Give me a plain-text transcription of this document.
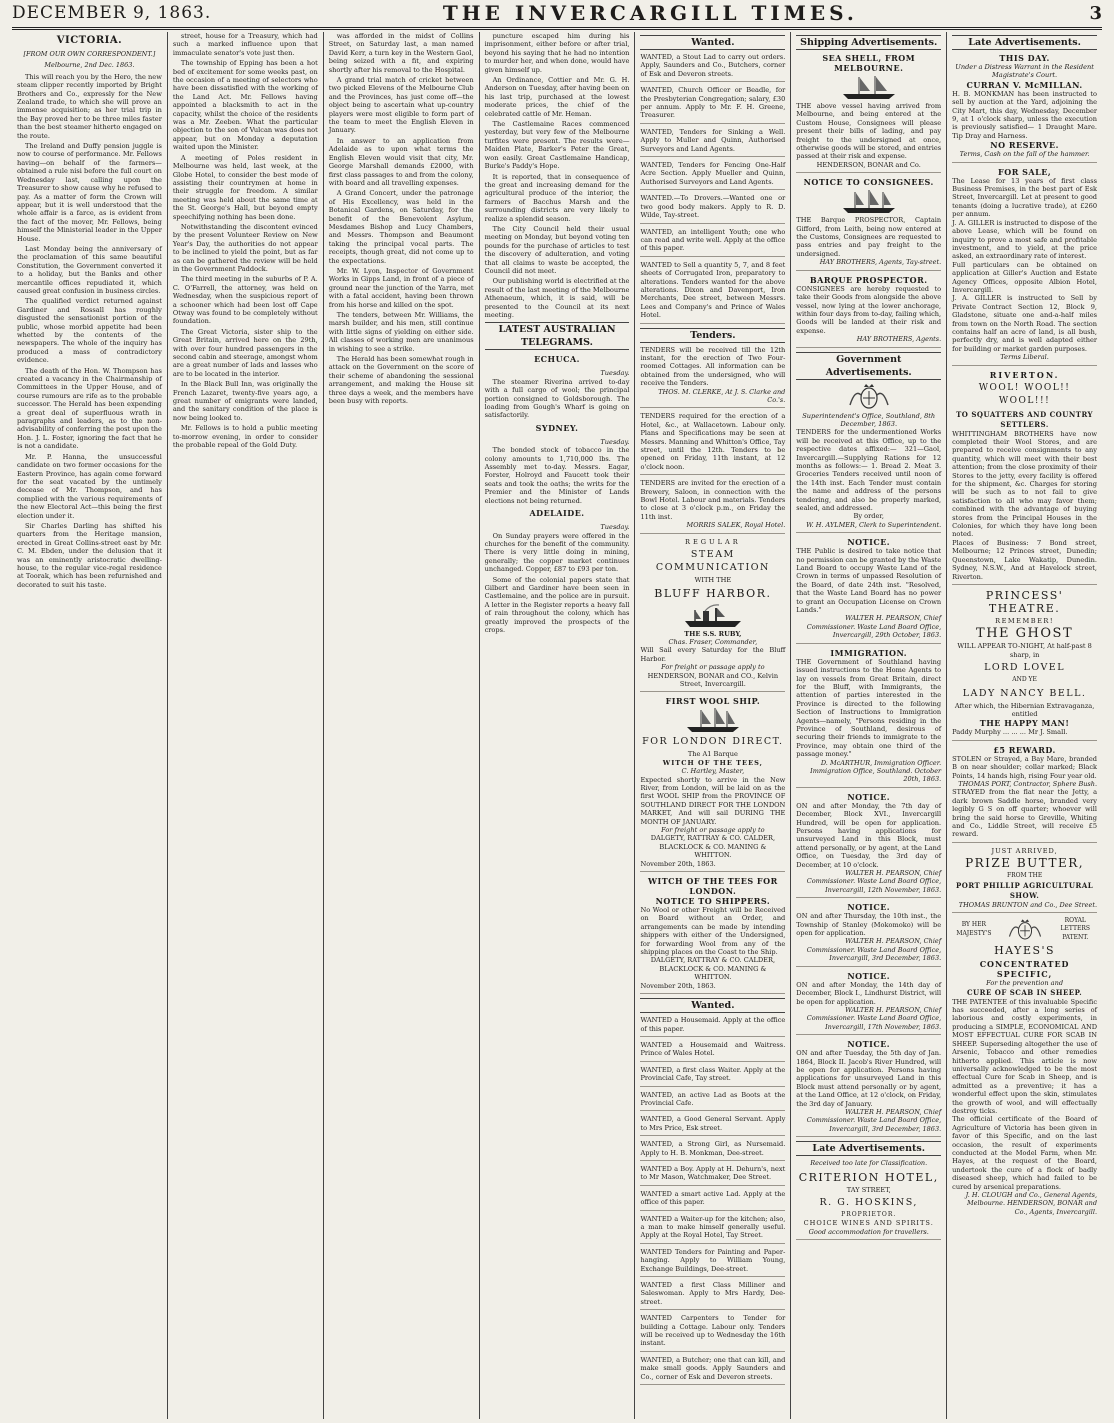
DECEMBER 9, 1863.	THE INVERCARGILL TIMES.	3
VICTORIA.
[FROM OUR OWN CORRESPONDENT.]
Melbourne, 2nd Dec. 1863.

This will reach you by the Hero, the new steam clipper recently imported by Bright Brothers and Co., expressly for the New Zealand trade, to which she will prove an immense acquisition; as her trial trip in the Bay proved her to be three miles faster than the best steamer hitherto engaged on the route.

The Ireland and Duffy pension juggle is now to course of performance. Mr. Fellows having—on behalf of the farmers—obtained a rule nisi before the full court on Wednesday last, calling upon the Treasurer to show cause why he refused to pay. As a matter of form the Crown will appear, but it is well understood that the whole affair is a farce, as is evident from the fact of the mover, Mr. Fellows, being himself the Ministerial leader in the Upper House.

Last Monday being the anniversary of the proclamation of this same beautiful Constitution, the Government converted it to a holiday, but the Banks and other mercantile offices repudiated it, which caused great confusion in business circles.

The qualified verdict returned against Gardiner and Rossall has roughly disgusted the sensationist portion of the public, whose morbid appetite had been whetted by the contents of the newspapers. The whole of the inquiry has produced a mass of contradictory evidence.

The death of the Hon. W. Thompson has created a vacancy in the Chairmanship of Committees in the Upper House, and of course rumours are rife as to the probable successor. The Herald has been expending a great deal of superfluous wrath in paragraphs and leaders, as to the non-advisability of conferring the post upon the Hon. J. L. Foster, ignoring the fact that he is not a candidate.

Mr. P. Hanna, the unsuccessful candidate on two former occasions for the Eastern Province, has again come forward for the seat vacated by the untimely decease of Mr. Thompson, and has complied with the various requirements of the new Electoral Act—this being the first election under it.

Sir Charles Darling has shifted his quarters from the Heritage mansion, erected in Great Collins-street east by Mr. C. M. Ebden, under the delusion that it was an eminently aristocratic dwelling-house, to the regular vice-regal residence at Toorak, which has been refurnished and decorated to suit his taste.

street, house for a Treasury, which had such a marked influence upon that immaculate senator's vote just then.

The township of Epping has been a hot bed of excitement for some weeks past, on the occasion of a meeting of selectors who have been dissatisfied with the working of the Land Act. Mr. Fellows having appointed a blacksmith to act in the capacity, whilst the choice of the residents was a Mr. Zeeben. What the particular objection to the son of Vulcan was does not appear, but on Monday a deputation waited upon the Minister.

A meeting of Poles resident in Melbourne was held, last week, at the Globe Hotel, to consider the best mode of assisting their countrymen at home in their struggle for freedom. A similar meeting was held about the same time at the St. George's Hall, but beyond empty speechifying nothing has been done.

Notwithstanding the discontent evinced by the present Volunteer Review on New Year's Day, the authorities do not appear to be inclined to yield the point, but as far as can be gathered the review will be held in the Government Paddock.

The third meeting in the suburbs of P. A. C. O'Farrell, the attorney, was held on Wednesday, when the suspicious report of a schooner which had been lost off Cape Otway was found to be completely without foundation.

The Great Victoria, sister ship to the Great Britain, arrived here on the 29th, with over four hundred passengers in the second cabin and steerage, amongst whom are a great number of lads and lasses who are to be located in the interior.

In the Black Bull Inn, was originally the French Lazaret, twenty-five years ago, a great number of emigrants were landed, and the sanitary condition of the place is now being looked to.

Mr. Fellows is to hold a public meeting to-morrow evening, in order to consider the probable repeal of the Gold Duty.

was afforded in the midst of Collins Street, on Saturday last, a man named David Kerr, a turn key in the Western Gaol, being seized with a fit, and expiring shortly after his removal to the Hospital.

A grand trial match of cricket between two picked Elevens of the Melbourne Club and the Provinces, has just come off—the object being to ascertain what up-country players were most eligible to form part of the team to meet the English Eleven in January.

In answer to an application from Adelaide as to upon what terms the English Eleven would visit that city, Mr. George Marshall demands £2000, with first class passages to and from the colony, with board and all travelling expenses.

A Grand Concert, under the patronage of His Excellency, was held in the Botanical Gardens, on Saturday, for the benefit of the Benevolent Asylum, Mesdames Bishop and Lucy Chambers, and Messrs. Thompson and Beaumont taking the principal vocal parts. The receipts, though great, did not come up to the expectations.

Mr. W. Lyon, Inspector of Government Works in Gipps Land, in front of a piece of ground near the junction of the Yarra, met with a fatal accident, having been thrown from his horse and killed on the spot.

The tenders, between Mr. Williams, the marsh builder, and his men, still continue with little signs of yielding on either side. All classes of working men are unanimous in wishing to see a strike.

The Herald has been somewhat rough in attack on the Government on the score of their scheme of abandoning the sessional arrangement, and making the House sit three days a week, and the members have been busy with reports.

puncture escaped him during his imprisonment, either before or after trial, beyond his saying that he had no intention to murder her, and when done, would have given himself up.

An Ordinance, Cottier and Mr. G. H. Anderson on Tuesday, after having been on his last trip, purchased at the lowest moderate prices, the chief of the celebrated cattle of Mr. Heman.

The Castlemaine Races commenced yesterday, but very few of the Melbourne turfites were present. The results were—Maiden Plate, Barker's Peter the Great, won easily. Great Castlemaine Handicap, Burke's Paddy's Hope.

It is reported, that in consequence of the great and increasing demand for the agricultural produce of the interior, the farmers of Bacchus Marsh and the surrounding districts are very likely to realize a splendid season.

The City Council held their usual meeting on Monday, but beyond voting ten pounds for the purchase of articles to test the discovery of adulteration, and voting that all claims to waste be accepted, the Council did not meet.

Our publishing world is electrified at the result of the last meeting of the Melbourne Athenaeum, which, it is said, will be presented to the Council at its next meeting.

LATEST AUSTRALIAN TELEGRAMS.
ECHUCA.
Tuesday.

The steamer Riverina arrived to-day with a full cargo of wool; the principal portion consigned to Goldsborough. The loading from Gough's Wharf is going on satisfactorily.

SYDNEY.
Tuesday.

The bonded stock of tobacco in the colony amounts to 1,710,000 lbs. The Assembly met to-day. Messrs. Eagar, Forster, Holroyd and Faucett took their seats and took the oaths; the writs for the Premier and the Minister of Lands elections not being returned.

ADELAIDE.
Tuesday.

On Sunday prayers were offered in the churches for the benefit of the community. There is very little doing in mining, generally; the copper market continues unchanged. Copper, £87 to £93 per ton.

Some of the colonial papers state that Gilbert and Gardiner have been seen in Castlemaine, and the police are in pursuit. A letter in the Register reports a heavy fall of rain throughout the colony, which has greatly improved the prospects of the crops.

Wanted.
WANTED, a Stout Lad to carry out orders. Apply, Saunders and Co., Butchers, corner of Esk and Deveron streets.
WANTED, Church Officer or Beadle, for the Presbyterian Congregation; salary, £30 per annum. Apply to Mr. F. H. Greene, Treasurer.
WANTED, Tenders for Sinking a Well. Apply to Muller and Quinn, Authorised Surveyors and Land Agents.
WANTED, Tenders for Fencing One-Half Acre Section. Apply Mueller and Quinn, Authorised Surveyors and Land Agents.
WANTED.—To Drovers.—Wanted one or two good body makers. Apply to R. D. Wilde, Tay-street.
WANTED, an intelligent Youth; one who can read and write well. Apply at the office of this paper.
WANTED to Sell a quantity 5, 7, and 8 feet sheets of Corrugated Iron, preparatory to alterations. Tenders wanted for the above alterations. Dixon and Davenport, Iron Merchants, Dee street, between Messrs. Lees and Company's and Prince of Wales Hotel.
Tenders.
TENDERS will be received till the 12th instant, for the erection of Two Four-roomed Cottages. All information can be obtained from the undersigned, who will receive the Tenders.
THOS. M. CLERKE, At J. S. Clarke and Co.'s.
TENDERS required for the erection of a Hotel, &c., at Wallacetown. Labour only. Plans and Specifications may be seen at Messrs. Manning and Whitton's Office, Tay street, until the 12th. Tenders to be opened on Friday, 11th instant, at 12 o'clock noon.
TENDERS are invited for the erection of a Brewery, Saloon, in connection with the Bowl Hotel. Labour and materials. Tenders to close at 3 o'clock p.m., on Friday the 11th inst.
MORRIS SALEK, Royal Hotel.
REGULAR
STEAM COMMUNICATION
WITH THE
BLUFF HARBOR.
THE S.S. RUBY,
Chas. Fraser, Commander,
Will Sail every Saturday for the Bluff Harbor.
For freight or passage apply to
HENDERSON, BONAR and CO., Kelvin Street, Invercargill.
FIRST WOOL SHIP.
FOR LONDON DIRECT.
The A1 Barque
WITCH OF THE TEES,
C. Hartley, Master,
Expected shortly to arrive in the New River, from London, will be laid on as the first WOOL SHIP from the PROVINCE OF SOUTHLAND DIRECT FOR THE LONDON MARKET, And will sail DURING THE MONTH OF JANUARY.
For freight or passage apply to
DALGETY, RATTRAY & CO. CALDER, BLACKLOCK & CO. MANING & WHITTON.
November 20th, 1863.
WITCH OF THE TEES FOR LONDON.
NOTICE TO SHIPPERS.
No Wool or other Freight will be Received on Board without an Order, and arrangements can be made by intending shippers with either of the Undersigned, for forwarding Wool from any of the shipping places on the Coast to the Ship.
DALGETY, RATTRAY & CO. CALDER, BLACKLOCK & CO. MANING & WHITTON.
November 20th, 1863.
Wanted.
WANTED a Housemaid. Apply at the office of this paper.
WANTED a Housemaid and Waitress. Prince of Wales Hotel.
WANTED, a first class Waiter. Apply at the Provincial Cafe, Tay street.
WANTED, an active Lad as Boots at the Provincial Cafe.
WANTED, a Good General Servant. Apply to Mrs Price, Esk street.
WANTED, a Strong Girl, as Nursemaid. Apply to H. B. Monkman, Dee-street.
WANTED a Boy. Apply at H. Dehurn's, next to Mr Mason, Watchmaker, Dee Street.
WANTED a smart active Lad. Apply at the office of this paper.
WANTED a Waiter-up for the kitchen; also, a man to make himself generally useful. Apply at the Royal Hotel, Tay Street.
WANTED Tenders for Painting and Paper-hanging. Apply to William Young, Exchange Buildings, Dee-street.
WANTED a first Class Milliner and Saleswoman. Apply to Mrs Hardy, Dee-street.
WANTED Carpenters to Tender for building a Cottage. Labour only. Tenders will be received up to Wednesday the 16th instant.
WANTED, a Butcher; one that can kill, and make small goods. Apply Saunders and Co., corner of Esk and Deveron streets.
Shipping Advertisements.
SEA SHELL, FROM MELBOURNE.
THE above vessel having arrived from Melbourne, and being entered at the Custom House, Consignees will please present their bills of lading, and pay freight to the undersigned at once, otherwise goods will be stored, and entries passed at their risk and expense.
HENDERSON, BONAR and Co.
NOTICE TO CONSIGNEES.
THE Barque PROSPECTOR, Captain Gifford, from Leith, being now entered at the Customs, Consignees are requested to pass entries and pay freight to the undersigned.
HAY BROTHERS, Agents, Tay-street.
BARQUE PROSPECTOR.
CONSIGNEES are hereby requested to take their Goods from alongside the above vessel, now lying at the lower anchorage, within four days from to-day, failing which, Goods will be landed at their risk and expense.
HAY BROTHERS, Agents.
Government Advertisements.
Superintendent's Office, Southland, 8th December, 1863.
TENDERS for the undermentioned Works will be received at this Office, up to the respective dates affixed:— 321—Gaol, Invercargill.—Supplying Rations for 12 months as follows:— 1. Bread 2. Meat 3. Groceries Tenders received until noon of the 14th inst. Each Tender must contain the name and address of the persons tendering, and also be properly marked, sealed, and addressed.
By order,
W. H. AYLMER, Clerk to Superintendent.
NOTICE.
THE Public is desired to take notice that no permission can be granted by the Waste Land Board to occupy Waste Land of the Crown in terms of unpassed Resolution of the Board, of date 24th inst. "Resolved, that the Waste Land Board has no power to grant an Occupation License on Crown Lands."
WALTER H. PEARSON, Chief Commissioner. Waste Land Board Office, Invercargill, 29th October, 1863.
IMMIGRATION.
THE Government of Southland having issued instructions to the Home Agents to lay on vessels from Great Britain, direct for the Bluff, with Immigrants, the attention of parties interested in the Province is directed to the following Section of Instructions to Immigration Agents—namely, "Persons residing in the Province of Southland, desirous of securing their friends to immigrate to the Province, may obtain one third of the passage money."
D. McARTHUR, Immigration Officer. Immigration Office, Southland. October 20th, 1863.
NOTICE.
ON and after Monday, the 7th day of December, Block XVI., Invercargill Hundred, will be open for application. Persons having applications for unsurveyed Land in this Block, must attend personally, or by agent, at the Land Office, on Tuesday, the 3rd day of December, at 10 o'clock.
WALTER H. PEARSON, Chief Commissioner. Waste Land Board Office, Invercargill, 12th November, 1863.
NOTICE.
ON and after Thursday, the 10th inst., the Township of Stanley (Mokomoko) will be open for application.
WALTER H. PEARSON, Chief Commissioner. Waste Land Board Office, Invercargill, 3rd December, 1863.
NOTICE.
ON and after Monday, the 14th day of December, Block I., Lindhurst District, will be open for application.
WALTER H. PEARSON, Chief Commissioner. Waste Land Board Office, Invercargill, 17th November, 1863.
NOTICE.
ON and after Tuesday, the 5th day of Jan. 1864, Block II. Jacob's River Hundred, will be open for application. Persons having applications for unsurveyed Land in this Block must attend personally or by agent, at the Land Office, at 12 o'clock, on Friday, the 3rd day of January.
WALTER H. PEARSON, Chief Commissioner. Waste Land Board Office, Invercargill, 3rd December, 1863.
Late Advertisements.
Received too late for Classification.
CRITERION HOTEL,
TAY STREET,
R. G. HOSKINS,
PROPRIETOR.
CHOICE WINES AND SPIRITS.
Good accommodation for travellers.
Late Advertisements.
THIS DAY.
Under a Distress Warrant in the Resident Magistrate's Court.
CURRAN V. McMILLAN.
H. B. MONKMAN has been instructed to sell by auction at the Yard, adjoining the City Mart, this day, Wednesday, December 9, at 1 o'clock sharp, unless the execution is previously satisfied— 1 Draught Mare. Tip Dray and Harness.
NO RESERVE.
Terms, Cash on the fall of the hammer.
FOR SALE,
The Lease for 13 years of first class Business Premises, in the best part of Esk Street, Invercargill. Let at present to good tenants (doing a lucrative trade), at £260 per annum.
J. A. GILLER is instructed to dispose of the above Lease, which will be found on inquiry to prove a most safe and profitable investment, and to yield, at the price asked, an extraordinary rate of interest.
Full particulars can be obtained on application at Giller's Auction and Estate Agency Offices, opposite Albion Hotel, Invercargill.
J. A. GILLER is instructed to Sell by Private Contract Section 12, Block 9, Gladstone, situate one and-a-half miles from town on the North Road. The section contains half an acre of land, is all bush, perfectly dry, and is well adapted either for building or market garden purposes.
Terms Liberal.
RIVERTON.
WOOL! WOOL!! WOOL!!!
TO SQUATTERS AND COUNTRY SETTLERS.
WHITTINGHAM BROTHERS have now completed their Wool Stores, and are prepared to receive consignments to any quantity, which will meet with their best attention; from the close proximity of their Stores to the jetty, every facility is offered for the shipment, &c. Charges for storing will be such as to not fail to give satisfaction to all who may favor them; combined with the advantage of buying stores from the Principal Houses in the Colonies, for which they have long been noted.
Places of Business: 7 Bond street, Melbourne; 12 Princes street, Dunedin; Queenstown, Lake Wakatip, Dunedin. Sydney, N.S.W., And at Havelock street, Riverton.
PRINCESS' THEATRE.
REMEMBER!
THE GHOST
WILL APPEAR TO-NIGHT, At half-past 8 sharp, in
LORD LOVEL
AND YE
LADY NANCY BELL.
After which, the Hibernian Extravaganza, entitled
THE HAPPY MAN!
Paddy Murphy ... ... ... Mr J. Small.
£5 REWARD.
STOLEN or Strayed, a Bay Mare, branded B on near shoulder; collar marked; Black Points, 14 hands high, rising Four year old.
THOMAS PORT, Contractor, Sphere Bush.
STRAYED from the flat near the Jetty, a dark brown Saddle horse, branded very legibly G S on off quarter; whoever will bring the said horse to Greville, Whiting and Co., Liddle Street, will receive £5 reward.
JUST ARRIVED,
PRIZE BUTTER,
FROM THE
PORT PHILLIP AGRICULTURAL SHOW.
THOMAS BRUNTON and Co., Dee Street.
BY HER MAJESTY'S
ROYAL LETTERS PATENT.
HAYES'S
CONCENTRATED SPECIFIC,
For the prevention and
CURE OF SCAB IN SHEEP.
THE PATENTEE of this invaluable Specific has succeeded, after a long series of laborious and costly experiments, in producing a SIMPLE, ECONOMICAL AND MOST EFFECTUAL CURE FOR SCAB IN SHEEP. Superseding altogether the use of Arsenic, Tobacco and other remedies hitherto applied. This article is now universally acknowledged to be the most effectual Cure for Scab in Sheep, and is admitted as a preventive; it has a wonderful effect upon the skin, stimulates the growth of wool, and will effectually destroy ticks.
The official certificate of the Board of Agriculture of Victoria has been given in favor of this Specific, and on the last occasion, the result of experiments conducted at the Model Farm, when Mr. Hayes, at the request of the Board, undertook the cure of a flock of badly diseased sheep, which had failed to be cured by arsenical preparations.
J. H. CLOUGH and Co., General Agents, Melbourne. HENDERSON, BONAR and Co., Agents, Invercargill.
